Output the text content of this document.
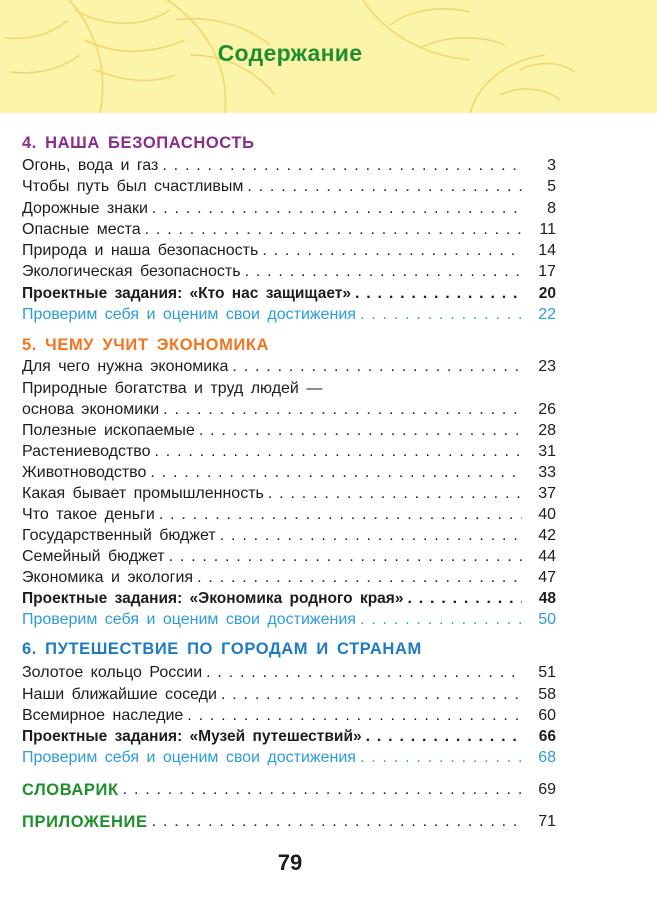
Содержание
4. НАША БЕЗОПАСНОСТЬ
Огонь, вода и газ . . .	3
Чтобы путь был счастливым . . .	5
Дорожные знаки . . .	8
Опасные места . . .	11
Природа и наша безопасность . . .	14
Экологическая безопасность . . .	17
Проектные задания: «Кто нас защищает» . . .	20
Проверим себя и оценим свои достижения . . .	22
5. ЧЕМУ УЧИТ ЭКОНОМИКА
Для чего нужна экономика . . .	23
Природные богатства и труд людей —
основа экономики . . .	26
Полезные ископаемые . . .	28
Растениеводство . . .	31
Животноводство . . .	33
Какая бывает промышленность . . .	37
Что такое деньги . . .	40
Государственный бюджет . . .	42
Семейный бюджет . . .	44
Экономика и экология . . .	47
Проектные задания: «Экономика родного края» . . .	48
Проверим себя и оценим свои достижения . . .	50
6. ПУТЕШЕСТВИЕ ПО ГОРОДАМ И СТРАНАМ
Золотое кольцо России . . .	51
Наши ближайшие соседи . . .	58
Всемирное наследие . . .	60
Проектные задания: «Музей путешествий» . . .	66
Проверим себя и оценим свои достижения . . .	68
СЛОВАРИК . . .	69
ПРИЛОЖЕНИЕ . . .	71
79
